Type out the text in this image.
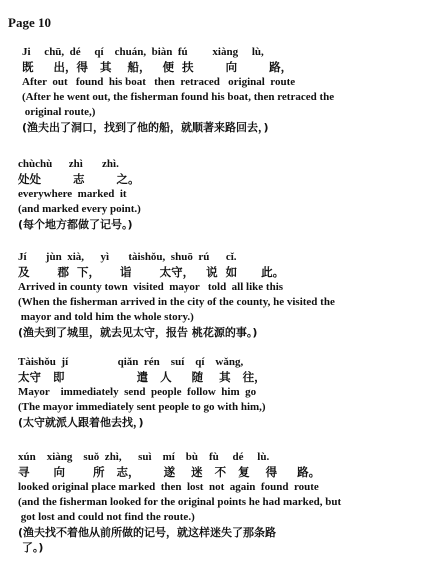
Page 10
Ji     chū,  dé     qí    chuán,  biàn  fú         xiàng     lù,
既     出，得   其    船，   便  扶        向        路，
After  out   found  his boat   then  retraced   original  route
(After he went out, the fisherman found his boat, then retraced the
original route,)
(渔夫出了洞口，找到了他的船，就顺著来路回去，)
chùchù      zhì       zhì.
处处        志        之。
everywhere  marked  it
(and marked every point.)
(每个地方都做了记号。)
Jí       jùn  xià,      yì       tàishǒu,  shuō  rú      cǐ.
及       郡  下，     诣       太守，   说  如      此。
Arrived in county town  visited  mayor   told  all like this
(When the fisherman arrived in the city of the county, he visited the
mayor and told him the whole story.)
(渔夫到了城里，就去见太守，报告 桃花源的事。)
Tàishǒu  jí                  qiǎn  rén    suí    qí    wǎng,
太守   即                  遣   人     随    其   往，
Mayor    immediately  send  people  follow  him  go
(The mayor immediately sent people to go with him,)
(太守就派人跟着他去找，)
xún    xiàng    suǒ  zhì,      suì    mí    bù    fù     dé     lù.
寻      向       所   志，      遂    迷   不   复    得     路。
looked original place marked  then  lost  not  again  found  route
(and the fisherman looked for the original points he had marked, but
got lost and could not find the route.)
(渔夫找不着他从前所做的记号，就这样迷失了那条路
了。)
